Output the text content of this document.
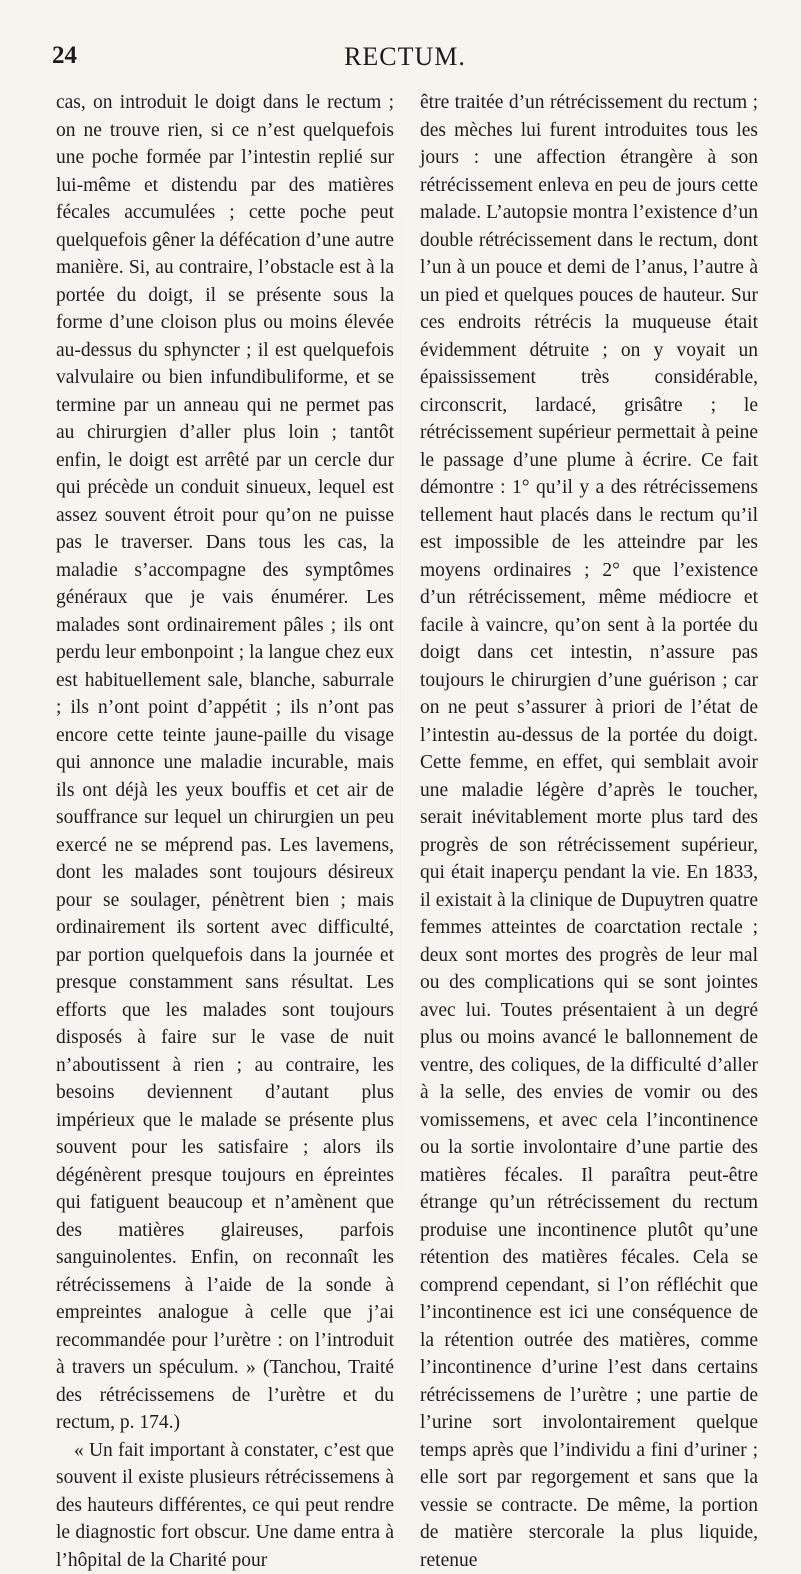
24	RECTUM.

cas, on introduit le doigt dans le rectum ; on ne trouve rien, si ce n’est quelquefois une poche formée par l’intestin replié sur lui-même et distendu par des matières fécales accumulées ; cette poche peut quelquefois gêner la défécation d’une autre manière. Si, au contraire, l’obstacle est à la portée du doigt, il se présente sous la forme d’une cloison plus ou moins élevée au-dessus du sphyncter ; il est quelquefois valvulaire ou bien infundibuliforme, et se termine par un anneau qui ne permet pas au chirurgien d’aller plus loin ; tantôt enfin, le doigt est arrêté par un cercle dur qui précède un conduit sinueux, lequel est assez souvent étroit pour qu’on ne puisse pas le traverser. Dans tous les cas, la maladie s’accompagne des symptômes généraux que je vais énumérer. Les malades sont ordinairement pâles ; ils ont perdu leur embonpoint ; la langue chez eux est habituellement sale, blanche, saburrale ; ils n’ont point d’appétit ; ils n’ont pas encore cette teinte jaune-paille du visage qui annonce une maladie incurable, mais ils ont déjà les yeux bouffis et cet air de souffrance sur lequel un chirurgien un peu exercé ne se méprend pas. Les lavemens, dont les malades sont toujours désireux pour se soulager, pénètrent bien ; mais ordinairement ils sortent avec difficulté, par portion quelquefois dans la journée et presque constamment sans résultat. Les efforts que les malades sont toujours disposés à faire sur le vase de nuit n’aboutissent à rien ; au contraire, les besoins deviennent d’autant plus impérieux que le malade se présente plus souvent pour les satisfaire ; alors ils dégénèrent presque toujours en épreintes qui fatiguent beaucoup et n’amènent que des matières glaireuses, parfois sanguinolentes. Enfin, on reconnaît les rétrécissemens à l’aide de la sonde à empreintes analogue à celle que j’ai recommandée pour l’urètre : on l’introduit à travers un spéculum. » (Tanchou, Traité des rétrécissemens de l’urètre et du rectum, p. 174.)

« Un fait important à constater, c’est que souvent il existe plusieurs rétrécissemens à des hauteurs différentes, ce qui peut rendre le diagnostic fort obscur. Une dame entra à l’hôpital de la Charité pour

être traitée d’un rétrécissement du rectum ; des mèches lui furent introduites tous les jours : une affection étrangère à son rétrécissement enleva en peu de jours cette malade. L’autopsie montra l’existence d’un double rétrécissement dans le rectum, dont l’un à un pouce et demi de l’anus, l’autre à un pied et quelques pouces de hauteur. Sur ces endroits rétrécis la muqueuse était évidemment détruite ; on y voyait un épaississement très considérable, circonscrit, lardacé, grisâtre ; le rétrécissement supérieur permettait à peine le passage d’une plume à écrire. Ce fait démontre : 1° qu’il y a des rétrécissemens tellement haut placés dans le rectum qu’il est impossible de les atteindre par les moyens ordinaires ; 2° que l’existence d’un rétrécissement, même médiocre et facile à vaincre, qu’on sent à la portée du doigt dans cet intestin, n’assure pas toujours le chirurgien d’une guérison ; car on ne peut s’assurer à priori de l’état de l’intestin au-dessus de la portée du doigt. Cette femme, en effet, qui semblait avoir une maladie légère d’après le toucher, serait inévitablement morte plus tard des progrès de son rétrécissement supérieur, qui était inaperçu pendant la vie. En 1833, il existait à la clinique de Dupuytren quatre femmes atteintes de coarctation rectale ; deux sont mortes des progrès de leur mal ou des complications qui se sont jointes avec lui. Toutes présentaient à un degré plus ou moins avancé le ballonnement de ventre, des coliques, de la difficulté d’aller à la selle, des envies de vomir ou des vomissemens, et avec cela l’incontinence ou la sortie involontaire d’une partie des matières fécales. Il paraîtra peut-être étrange qu’un rétrécissement du rectum produise une incontinence plutôt qu’une rétention des matières fécales. Cela se comprend cependant, si l’on réfléchit que l’incontinence est ici une conséquence de la rétention outrée des matières, comme l’incontinence d’urine l’est dans certains rétrécissemens de l’urètre ; une partie de l’urine sort involontairement quelque temps après que l’individu a fini d’uriner ; elle sort par regorgement et sans que la vessie se contracte. De même, la portion de matière stercorale la plus liquide, retenue
